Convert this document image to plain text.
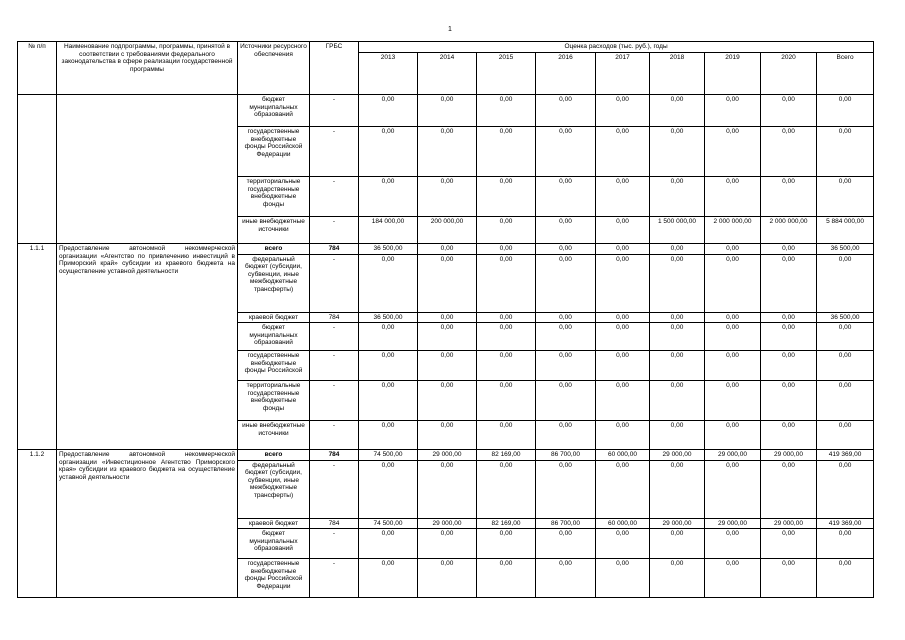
1
№ п/п	Наименование подпрограммы, программы, принятой в соответствии с требованиями федерального законодательства в сфере реализации государственной программы	Источники ресурсного обеспечения	ГРБС	Оценка расходов (тыс. руб.), годы								
				2013	2014	2015	2016	2017	2018	2019	2020	Всего
		бюджет муниципальных образований	-	0,00	0,00	0,00	0,00	0,00	0,00	0,00	0,00	0,00
		государственные внебюджетные фонды Российской Федерации	-	0,00	0,00	0,00	0,00	0,00	0,00	0,00	0,00	0,00
		территориальные государственные внебюджетные фонды	-	0,00	0,00	0,00	0,00	0,00	0,00	0,00	0,00	0,00
		иные внебюджетные источники	-	184 000,00	200 000,00	0,00	0,00	0,00	1 500 000,00	2 000 000,00	2 000 000,00	5 884 000,00
1.1.1	Предоставление автономной некоммерческой организации «Агентство по привлечению инвестиций в Приморский край» субсидии из краевого бюджета на осуществление уставной деятельности	всего	784	36 500,00	0,00	0,00	0,00	0,00	0,00	0,00	0,00	36 500,00
		федеральный бюджет (субсидии, субвенции, иные межбюджетные трансферты)	-	0,00	0,00	0,00	0,00	0,00	0,00	0,00	0,00	0,00
		краевой бюджет	784	36 500,00	0,00	0,00	0,00	0,00	0,00	0,00	0,00	36 500,00
		бюджет муниципальных образований	-	0,00	0,00	0,00	0,00	0,00	0,00	0,00	0,00	0,00
		государственные внебюджетные фонды Российской	-	0,00	0,00	0,00	0,00	0,00	0,00	0,00	0,00	0,00
		территориальные государственные внебюджетные фонды	-	0,00	0,00	0,00	0,00	0,00	0,00	0,00	0,00	0,00
		иные внебюджетные источники	-	0,00	0,00	0,00	0,00	0,00	0,00	0,00	0,00	0,00
1.1.2	Предоставление автономной некоммерческой организации «Инвестиционное Агентство Приморского края» субсидии из краевого бюджета на осуществление уставной деятельности	всего	784	74 500,00	29 000,00	82 169,00	86 700,00	60 000,00	29 000,00	29 000,00	29 000,00	419 369,00
		федеральный бюджет (субсидии, субвенции, иные межбюджетные трансферты)	-	0,00	0,00	0,00	0,00	0,00	0,00	0,00	0,00	0,00
		краевой бюджет	784	74 500,00	29 000,00	82 169,00	86 700,00	60 000,00	29 000,00	29 000,00	29 000,00	419 369,00
		бюджет муниципальных образований	-	0,00	0,00	0,00	0,00	0,00	0,00	0,00	0,00	0,00
		государственные внебюджетные фонды Российской Федерации	-	0,00	0,00	0,00	0,00	0,00	0,00	0,00	0,00	0,00
